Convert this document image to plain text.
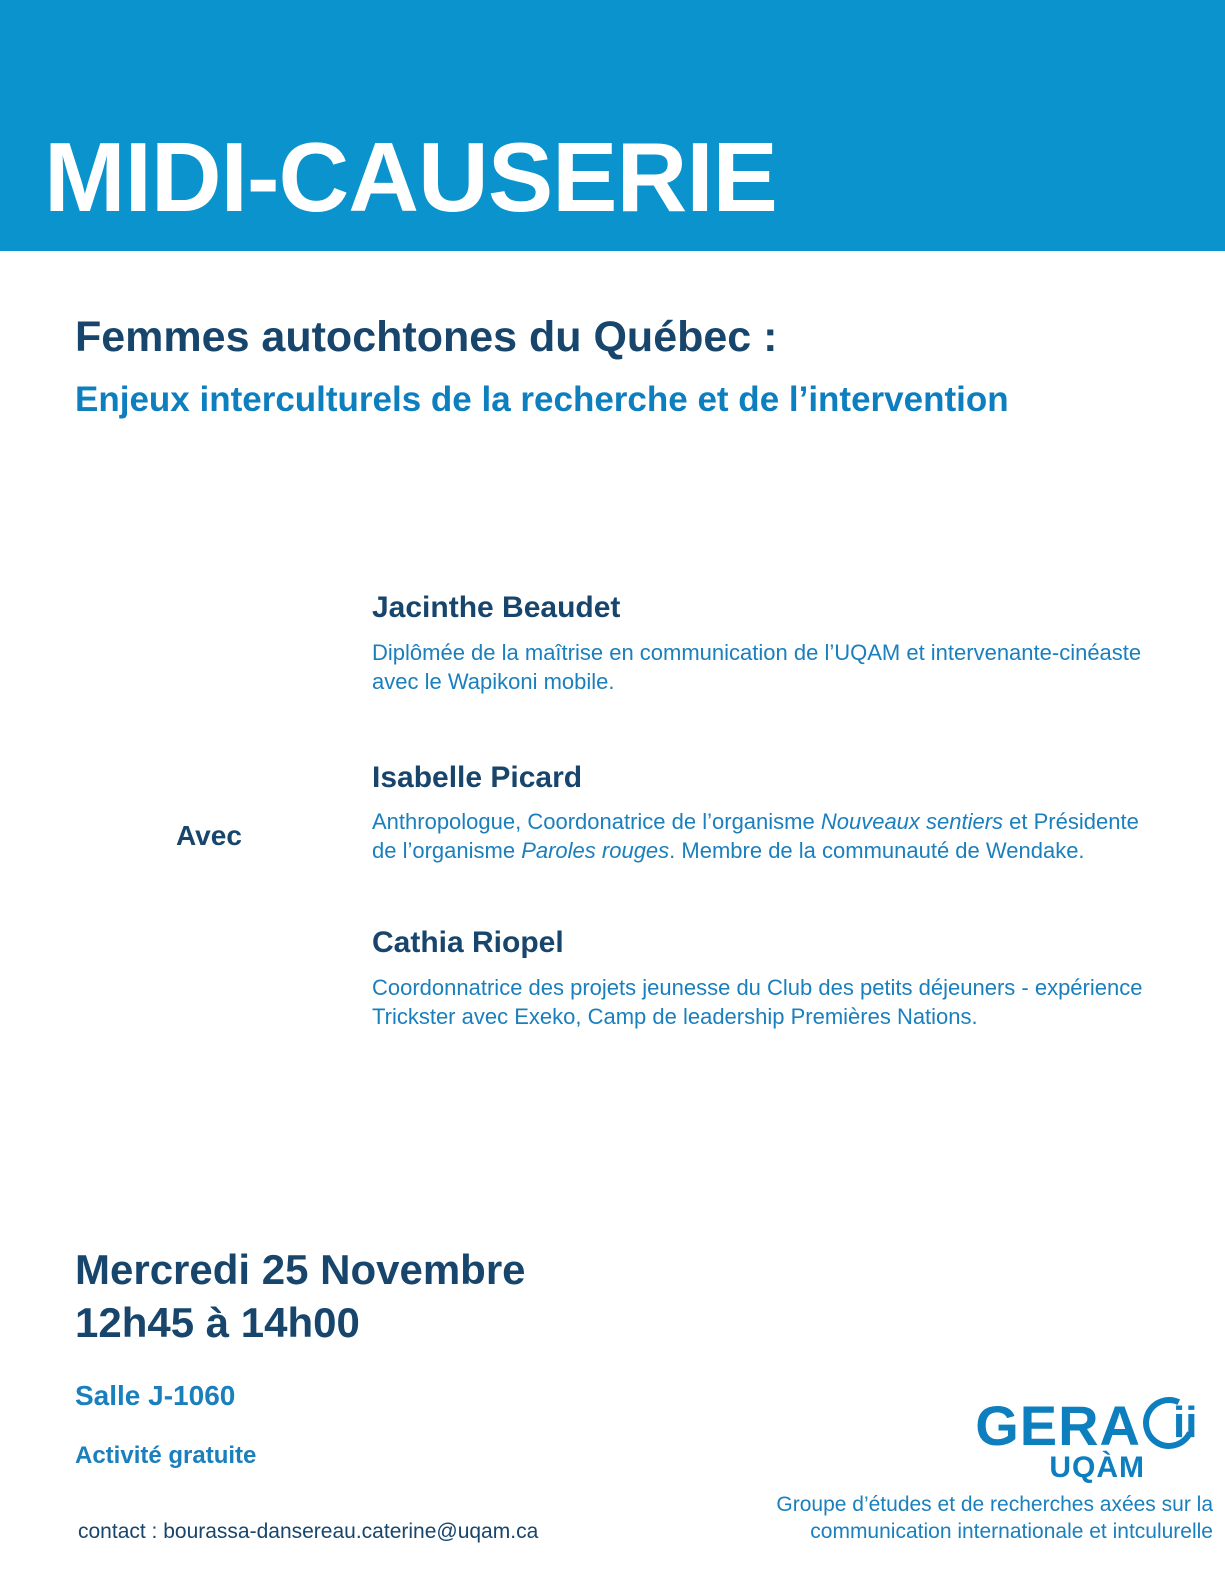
MIDI-CAUSERIE
Femmes autochtones du Québec :
Enjeux interculturels de la recherche et de l’intervention
Avec
Jacinthe Beaudet
Diplômée de la maîtrise en communication de l’UQAM et intervenante-cinéaste avec le Wapikoni mobile.
Isabelle Picard
Anthropologue, Coordonatrice de l’organisme Nouveaux sentiers et Présidente de l’organisme Paroles rouges. Membre de la communauté de Wendake.
Cathia Riopel
Coordonnatrice des projets jeunesse du Club des petits déjeuners - expérience Trickster avec Exeko, Camp de leadership Premières Nations.
Mercredi 25 Novembre
12h45 à 14h00
Salle J-1060
Activité gratuite
contact : bourassa-dansereau.caterine@uqam.ca
GERA ii
UQÀM
Groupe d’études et de recherches axées sur la
communication internationale et intculurelle
